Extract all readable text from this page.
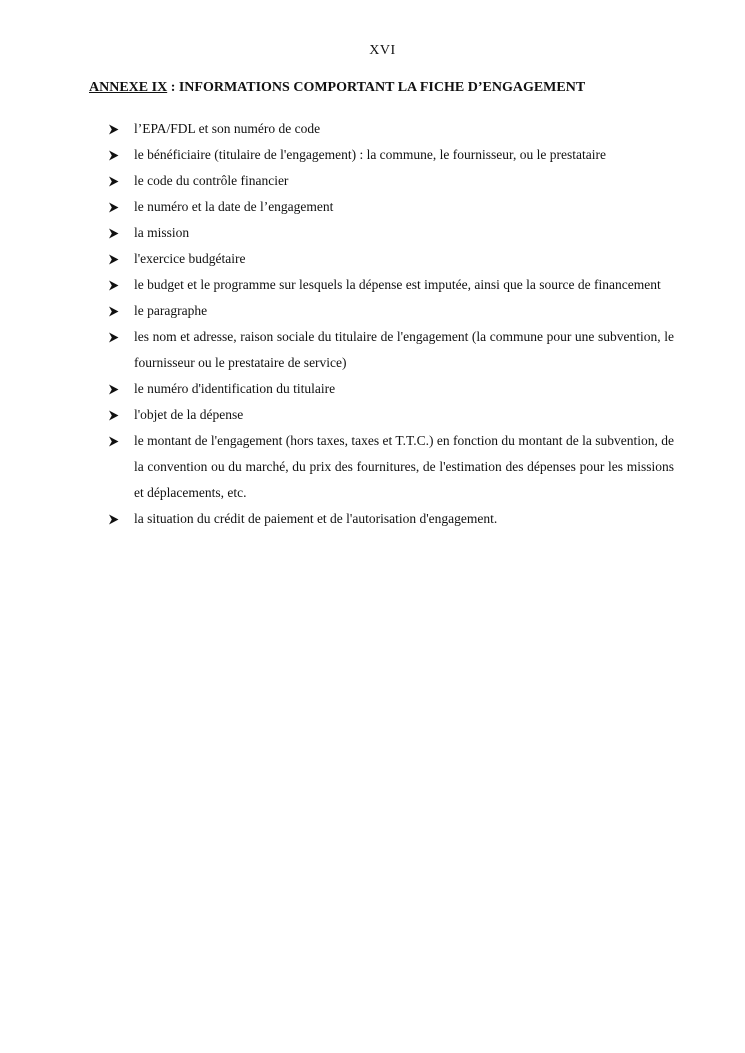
XVI
ANNEXE IX : INFORMATIONS COMPORTANT LA FICHE D’ENGAGEMENT
l’EPA/FDL et son numéro de code
le bénéficiaire (titulaire de l'engagement) : la commune, le fournisseur, ou le prestataire
le code du contrôle financier
le numéro et la date de l’engagement
la mission
l'exercice budgétaire
le budget et le programme sur lesquels la dépense est imputée, ainsi que la source de financement
le paragraphe
les nom et adresse, raison sociale du titulaire de l'engagement (la commune pour une subvention, le fournisseur ou le prestataire de service)
le numéro d'identification du titulaire
l'objet de la dépense
le montant de l'engagement (hors taxes, taxes et T.T.C.) en fonction du montant de la subvention, de la convention ou du marché, du prix des fournitures, de l'estimation des dépenses pour les missions et déplacements, etc.
la situation du crédit de paiement et de l'autorisation d'engagement.
